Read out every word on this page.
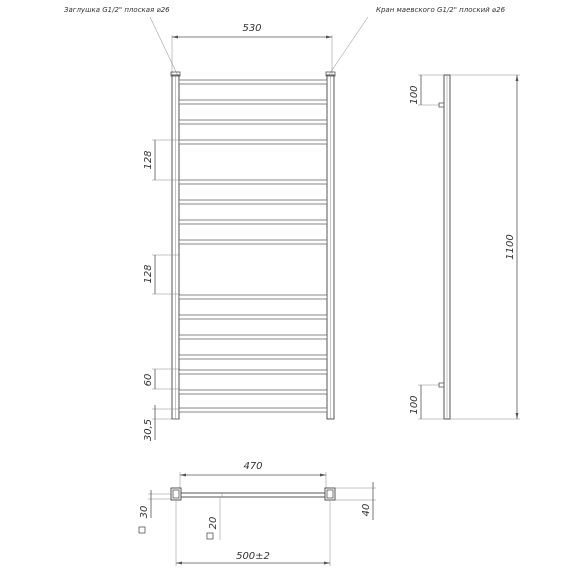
530
Заглушка G1/2" плоская ⌀26	Кран маевского G1/2" плоский ⌀26
128
128
60
30,5
100
100
1100
470
40
30
20
500±2
